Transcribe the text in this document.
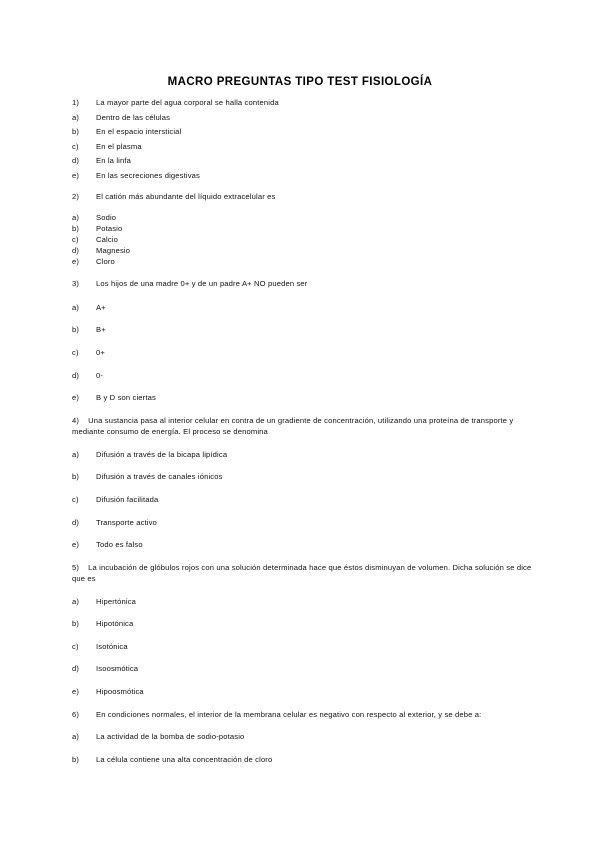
MACRO PREGUNTAS TIPO TEST FISIOLOGÍA
1) La mayor parte del agua corporal se halla contenida
a) Dentro de las células
b) En el espacio intersticial
c) En el plasma
d) En la linfa
e) En las secreciones digestivas
2) El catión más abundante del líquido extracelular es
a) Sodio
b) Potasio
c) Calcio
d) Magnesio
e) Cloro
3) Los hijos de una madre 0+ y de un padre A+ NO pueden ser
a) A+
b) B+
c) 0+
d) 0-
e) B y D son ciertas
4) Una sustancia pasa al interior celular en contra de un gradiente de concentración, utilizando una proteína de transporte y mediante consumo de energía. El proceso se denomina
a) Difusión a través de la bicapa lipídica
b) Difusión a través de canales iónicos
c) Difusión facilitada
d) Transporte activo
e) Todo es falso
5) La incubación de glóbulos rojos con una solución determinada hace que éstos disminuyan de volumen. Dicha solución se dice que es
a) Hipertónica
b) Hipotónica
c) Isotónica
d) Isoosmótica
e) Hipoosmótica
6) En condiciones normales, el interior de la membrana celular es negativo con respecto al exterior, y se debe a:
a) La actividad de la bomba de sodio-potasio
b) La célula contiene una alta concentración de cloro
